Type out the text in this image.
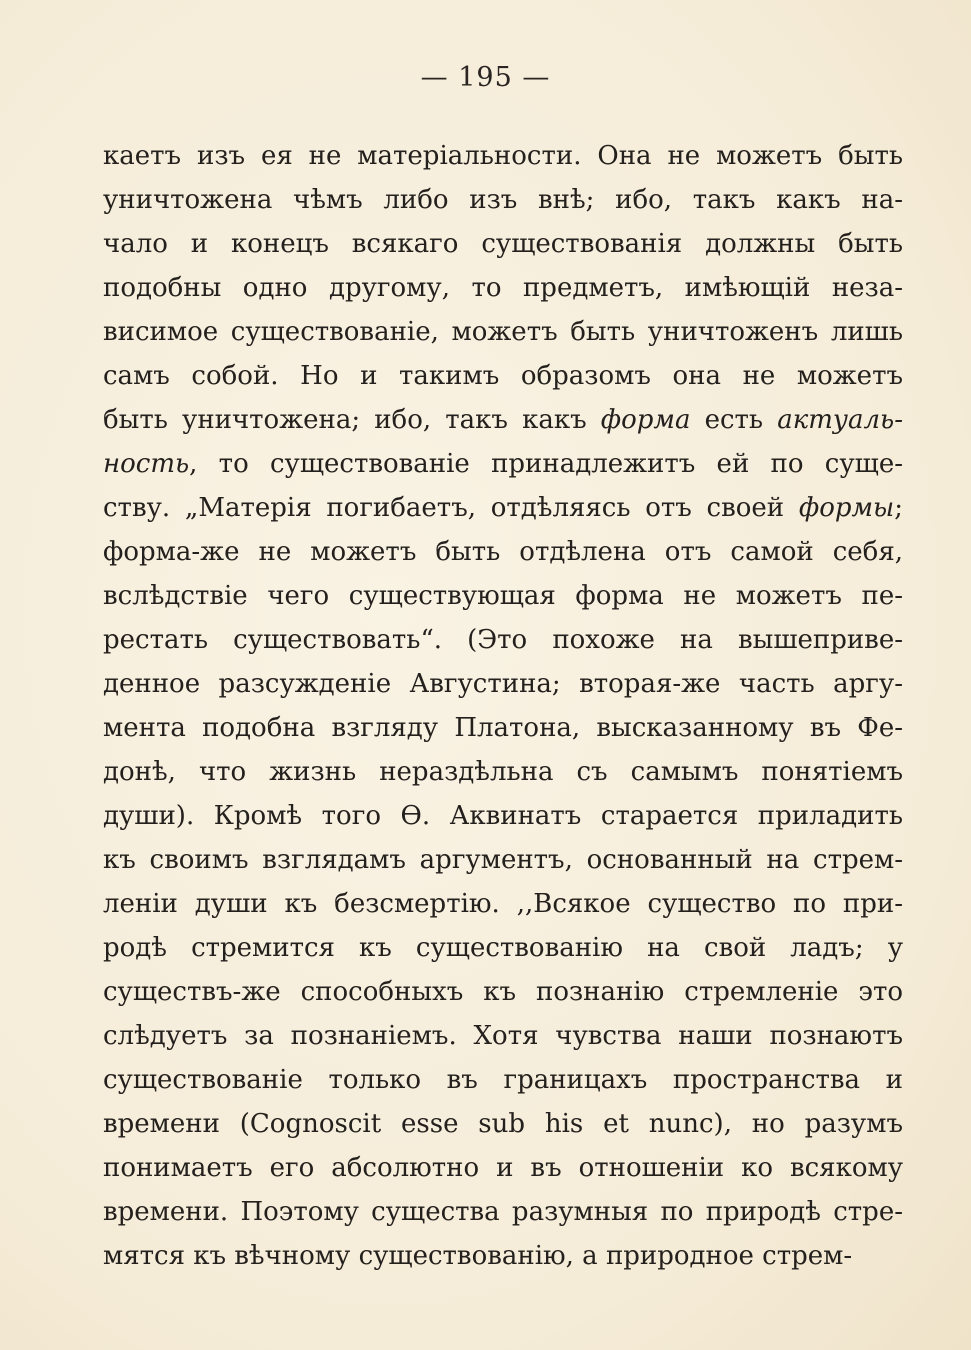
— 195 —
каетъ изъ ея не матеріальности. Она не можетъ быть
уничтожена чѣмъ либо изъ внѣ; ибо, такъ какъ на-
чало и конецъ всякаго существованія должны быть
подобны одно другому, то предметъ, имѣющій неза-
висимое существованіе, можетъ быть уничтоженъ лишь
самъ собой. Но и такимъ образомъ она не можетъ
быть уничтожена; ибо, такъ какъ форма есть актуаль-
ность, то существованіе принадлежитъ ей по суще-
ству. „Матерія погибаетъ, отдѣляясь отъ своей формы;
форма-же не можетъ быть отдѣлена отъ самой себя,
вслѣдствіе чего существующая форма не можетъ пе-
рестать существовать“. (Это похоже на вышеприве-
денное разсужденіе Августина; вторая-же часть аргу-
мента подобна взгляду Платона, высказанному въ Фе-
донѣ, что жизнь нераздѣльна съ самымъ понятіемъ
души). Кромѣ того Ѳ. Аквинатъ старается приладить
къ своимъ взглядамъ аргументъ, основанный на стрем-
леніи души къ безсмертію. ,,Всякое существо по при-
родѣ стремится къ существованію на свой ладъ; у
существъ-же способныхъ къ познанію стремленіе это
слѣдуетъ за познаніемъ. Хотя чувства наши познаютъ
существованіе только въ границахъ пространства и
времени (Cognoscit esse sub his et nunc), но разумъ
понимаетъ его абсолютно и въ отношеніи ко всякому
времени. Поэтому существа разумныя по природѣ стре-
мятся къ вѣчному существованію, а природное стрем-
